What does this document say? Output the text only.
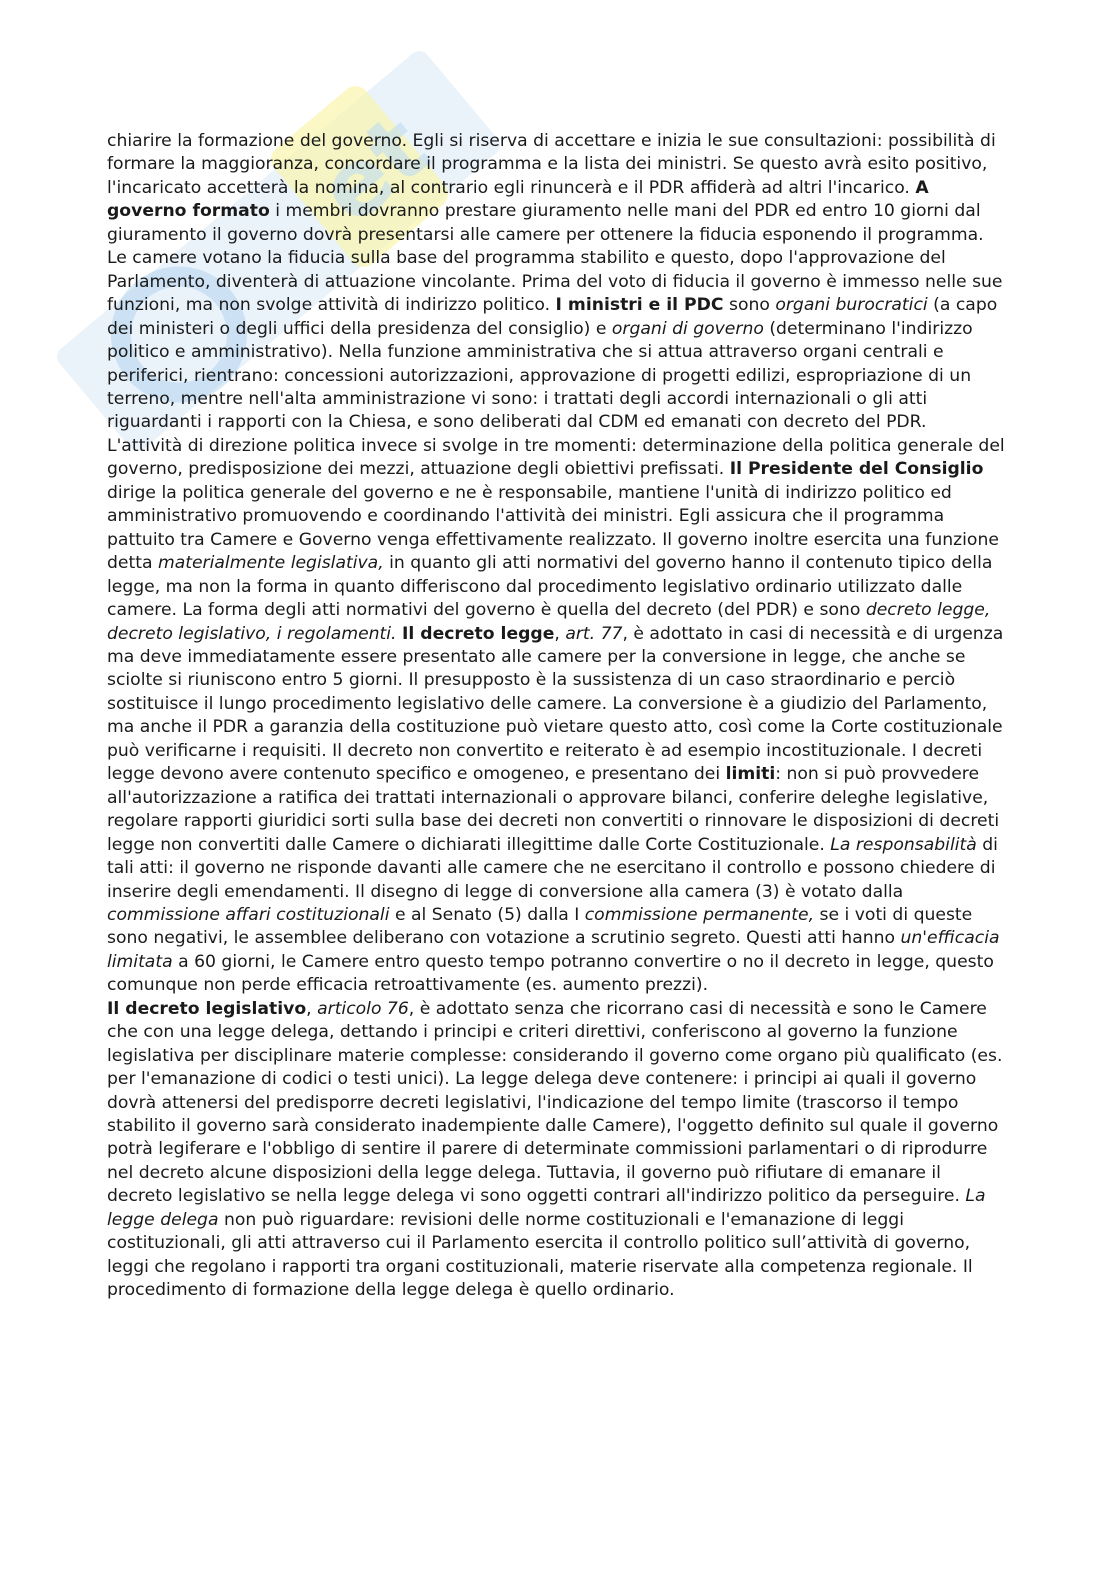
et

chiarire la formazione del governo. Egli si riserva di accettare e inizia le sue consultazioni: possibilità di formare la maggioranza, concordare il programma e la lista dei ministri. Se questo avrà esito positivo, l'incaricato accetterà la nomina, al contrario egli rinuncerà e il PDR affiderà ad altri l'incarico. A governo formato i membri dovranno prestare giuramento nelle mani del PDR ed entro 10 giorni dal giuramento il governo dovrà presentarsi alle camere per ottenere la fiducia esponendo il programma. Le camere votano la fiducia sulla base del programma stabilito e questo, dopo l'approvazione del Parlamento, diventerà di attuazione vincolante. Prima del voto di fiducia il governo è immesso nelle sue funzioni, ma non svolge attività di indirizzo politico. I ministri e il PDC sono organi burocratici (a capo dei ministeri o degli uffici della presidenza del consiglio) e organi di governo (determinano l'indirizzo politico e amministrativo). Nella funzione amministrativa che si attua attraverso organi centrali e periferici, rientrano: concessioni autorizzazioni, approvazione di progetti edilizi, espropriazione di un terreno, mentre nell'alta amministrazione vi sono: i trattati degli accordi internazionali o gli atti riguardanti i rapporti con la Chiesa, e sono deliberati dal CDM ed emanati con decreto del PDR. L'attività di direzione politica invece si svolge in tre momenti: determinazione della politica generale del governo, predisposizione dei mezzi, attuazione degli obiettivi prefissati. Il Presidente del Consiglio dirige la politica generale del governo e ne è responsabile, mantiene l'unità di indirizzo politico ed amministrativo promuovendo e coordinando l'attività dei ministri. Egli assicura che il programma pattuito tra Camere e Governo venga effettivamente realizzato. Il governo inoltre esercita una funzione detta materialmente legislativa, in quanto gli atti normativi del governo hanno il contenuto tipico della legge, ma non la forma in quanto differiscono dal procedimento legislativo ordinario utilizzato dalle camere. La forma degli atti normativi del governo è quella del decreto (del PDR) e sono decreto legge, decreto legislativo, i regolamenti. Il decreto legge, art. 77, è adottato in casi di necessità e di urgenza ma deve immediatamente essere presentato alle camere per la conversione in legge, che anche se sciolte si riuniscono entro 5 giorni. Il presupposto è la sussistenza di un caso straordinario e perciò sostituisce il lungo procedimento legislativo delle camere. La conversione è a giudizio del Parlamento, ma anche il PDR a garanzia della costituzione può vietare questo atto, così come la Corte costituzionale può verificarne i requisiti. Il decreto non convertito e reiterato è ad esempio incostituzionale. I decreti legge devono avere contenuto specifico e omogeneo, e presentano dei limiti: non si può provvedere all'autorizzazione a ratifica dei trattati internazionali o approvare bilanci, conferire deleghe legislative, regolare rapporti giuridici sorti sulla base dei decreti non convertiti o rinnovare le disposizioni di decreti legge non convertiti dalle Camere o dichiarati illegittime dalle Corte Costituzionale. La responsabilità di tali atti: il governo ne risponde davanti alle camere che ne esercitano il controllo e possono chiedere di inserire degli emendamenti. Il disegno di legge di conversione alla camera (3) è votato dalla commissione affari costituzionali e al Senato (5) dalla I commissione permanente, se i voti di queste sono negativi, le assemblee deliberano con votazione a scrutinio segreto. Questi atti hanno un'efficacia limitata a 60 giorni, le Camere entro questo tempo potranno convertire o no il decreto in legge, questo comunque non perde efficacia retroattivamente (es. aumento prezzi).

Il decreto legislativo, articolo 76, è adottato senza che ricorrano casi di necessità e sono le Camere che con una legge delega, dettando i principi e criteri direttivi, conferiscono al governo la funzione legislativa per disciplinare materie complesse: considerando il governo come organo più qualificato (es. per l'emanazione di codici o testi unici). La legge delega deve contenere: i principi ai quali il governo dovrà attenersi del predisporre decreti legislativi, l'indicazione del tempo limite (trascorso il tempo stabilito il governo sarà considerato inadempiente dalle Camere), l'oggetto definito sul quale il governo potrà legiferare e l'obbligo di sentire il parere di determinate commissioni parlamentari o di riprodurre nel decreto alcune disposizioni della legge delega. Tuttavia, il governo può rifiutare di emanare il decreto legislativo se nella legge delega vi sono oggetti contrari all'indirizzo politico da perseguire. La legge delega non può riguardare: revisioni delle norme costituzionali e l'emanazione di leggi costituzionali, gli atti attraverso cui il Parlamento esercita il controllo politico sull’attività di governo, leggi che regolano i rapporti tra organi costituzionali, materie riservate alla competenza regionale. Il procedimento di formazione della legge delega è quello ordinario.
